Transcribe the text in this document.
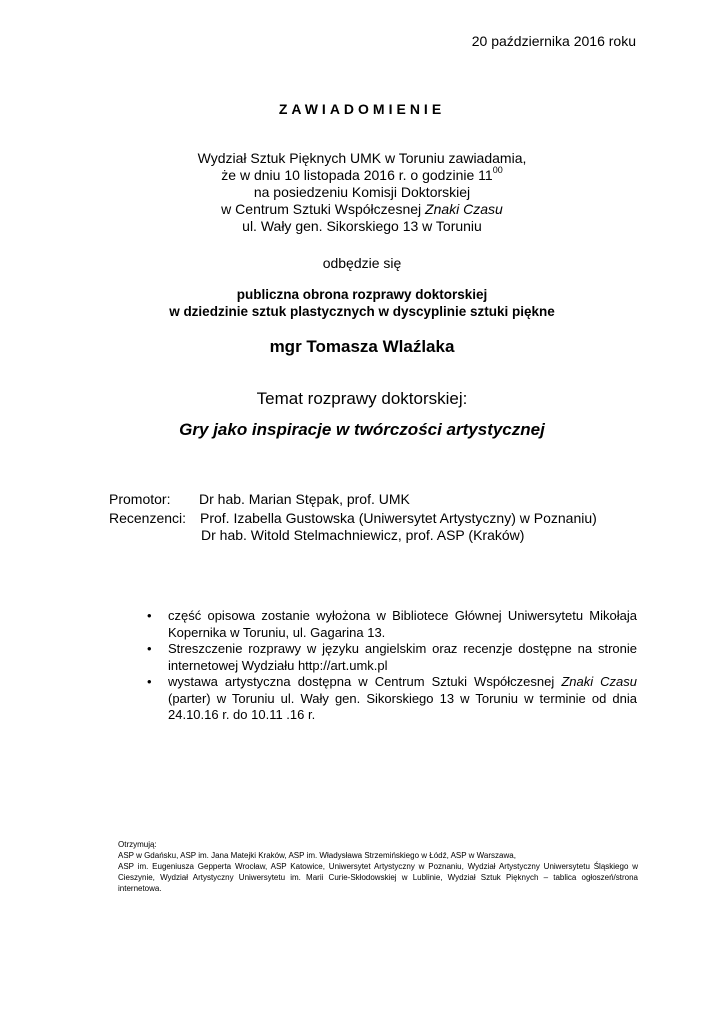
20 października 2016 roku
ZAWIADOMIENIE
Wydział Sztuk Pięknych UMK w Toruniu zawiadamia,
że w dniu 10 listopada 2016 r. o godzinie $11^{00}$
na posiedzeniu Komisji Doktorskiej
w Centrum Sztuki Współczesnej Znaki Czasu
ul. Wały gen. Sikorskiego 13 w Toruniu
odbędzie się
publiczna obrona rozprawy doktorskiej
w dziedzinie sztuk plastycznych w dyscyplinie sztuki piękne
mgr Tomasza Wlaźlaka
Temat rozprawy doktorskiej:
Gry jako inspiracje w twórczości artystycznej
Promotor: Dr hab. Marian Stępak, prof. UMK
Recenzenci: Prof. Izabella Gustowska (Uniwersytet Artystyczny) w Poznaniu)
Dr hab. Witold Stelmachniewicz, prof. ASP (Kraków)
• część opisowa zostanie wyłożona w Bibliotece Głównej Uniwersytetu Mikołaja Kopernika w Toruniu, ul. Gagarina 13.
• Streszczenie rozprawy w języku angielskim oraz recenzje dostępne na stronie internetowej Wydziału http://art.umk.pl
• wystawa artystyczna dostępna w Centrum Sztuki Współczesnej Znaki Czasu (parter) w Toruniu ul. Wały gen. Sikorskiego 13 w Toruniu w terminie od dnia 24.10.16 r. do 10.11 .16 r.
Otrzymują:
ASP w Gdańsku, ASP im. Jana Matejki Kraków, ASP im. Władysława Strzemińskiego w Łódź, ASP w Warszawa,
ASP im. Eugeniusza Gepperta Wrocław, ASP Katowice, Uniwersytet Artystyczny w Poznaniu, Wydział Artystyczny Uniwersytetu Śląskiego w Cieszynie, Wydział Artystyczny Uniwersytetu im. Marii Curie-Skłodowskiej w Lublinie, Wydział Sztuk Pięknych – tablica ogłoszeń/strona internetowa.
